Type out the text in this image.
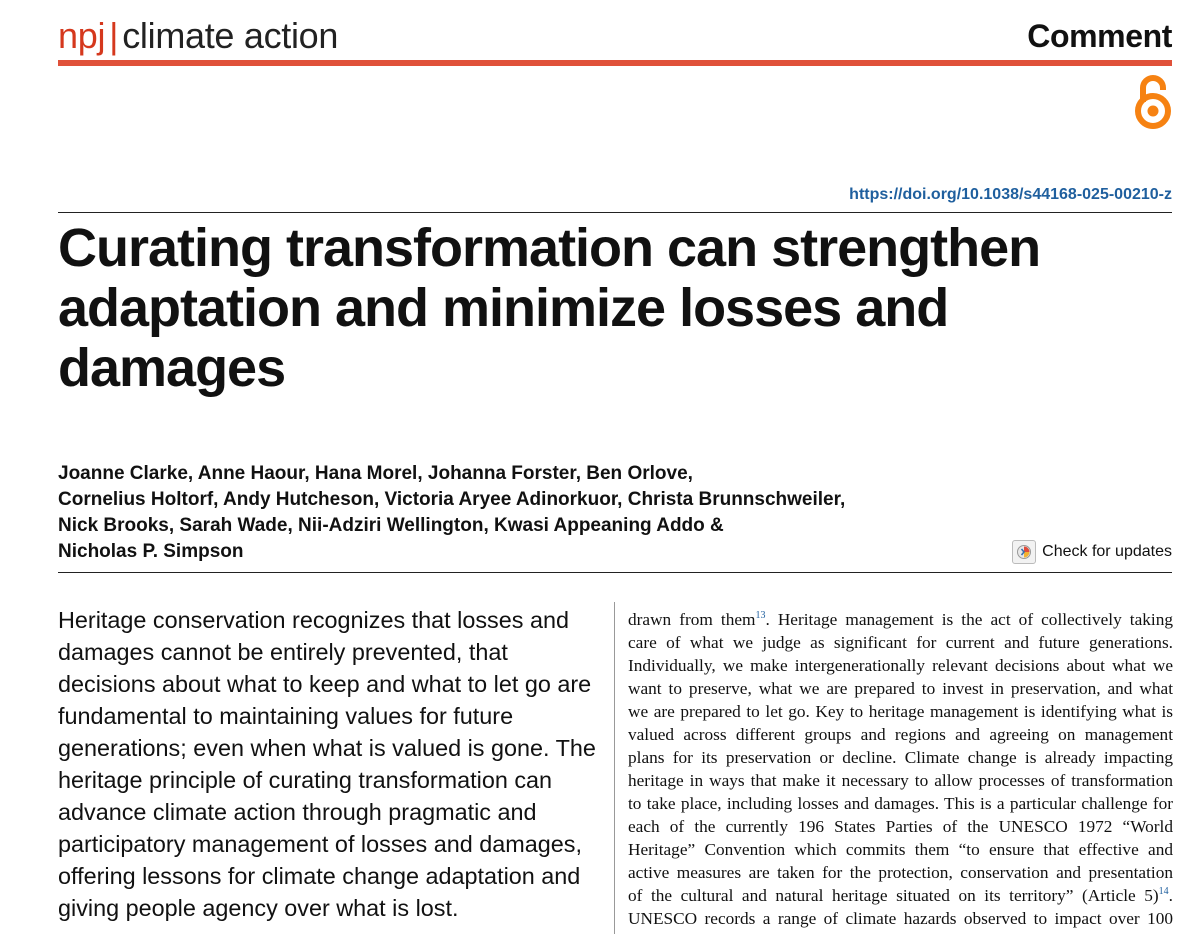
npj | climate action	Comment
https://doi.org/10.1038/s44168-025-00210-z
Curating transformation can strengthen adaptation and minimize losses and damages

Joanne Clarke, Anne Haour, Hana Morel, Johanna Forster, Ben Orlove,
Cornelius Holtorf, Andy Hutcheson, Victoria Aryee Adinorkuor, Christa Brunnschweiler,
Nick Brooks, Sarah Wade, Nii-Adziri Wellington, Kwasi Appeaning Addo &
Nicholas P. Simpson	Check for updates

Heritage conservation recognizes that losses and damages cannot be entirely prevented, that decisions about what to keep and what to let go are fundamental to maintaining values for future generations; even when what is valued is gone. The heritage principle of curating transformation can advance climate action through pragmatic and participatory management of losses and damages, offering lessons for climate change adaptation and giving people agency over what is lost.

drawn from them$^{13}$. Heritage management is the act of collectively taking
care of what we judge as significant for current and future generations.
Individually, we make intergenerationally relevant decisions about what we
want to preserve, what we are prepared to invest in preservation, and what
we are prepared to let go. Key to heritage management is identifying what is
valued across different groups and regions and agreeing on management
plans for its preservation or decline. Climate change is already impacting
heritage in ways that make it necessary to allow processes of transformation
to take place, including losses and damages. This is a particular challenge for
each of the currently 196 States Parties of the UNESCO 1972 “World
Heritage” Convention which commits them “to ensure that effective and
active measures are taken for the protection, conservation and presentation
of the cultural and natural heritage situated on its territory” (Article 5)$^{14}$.
UNESCO records a range of climate hazards observed to impact over 100
